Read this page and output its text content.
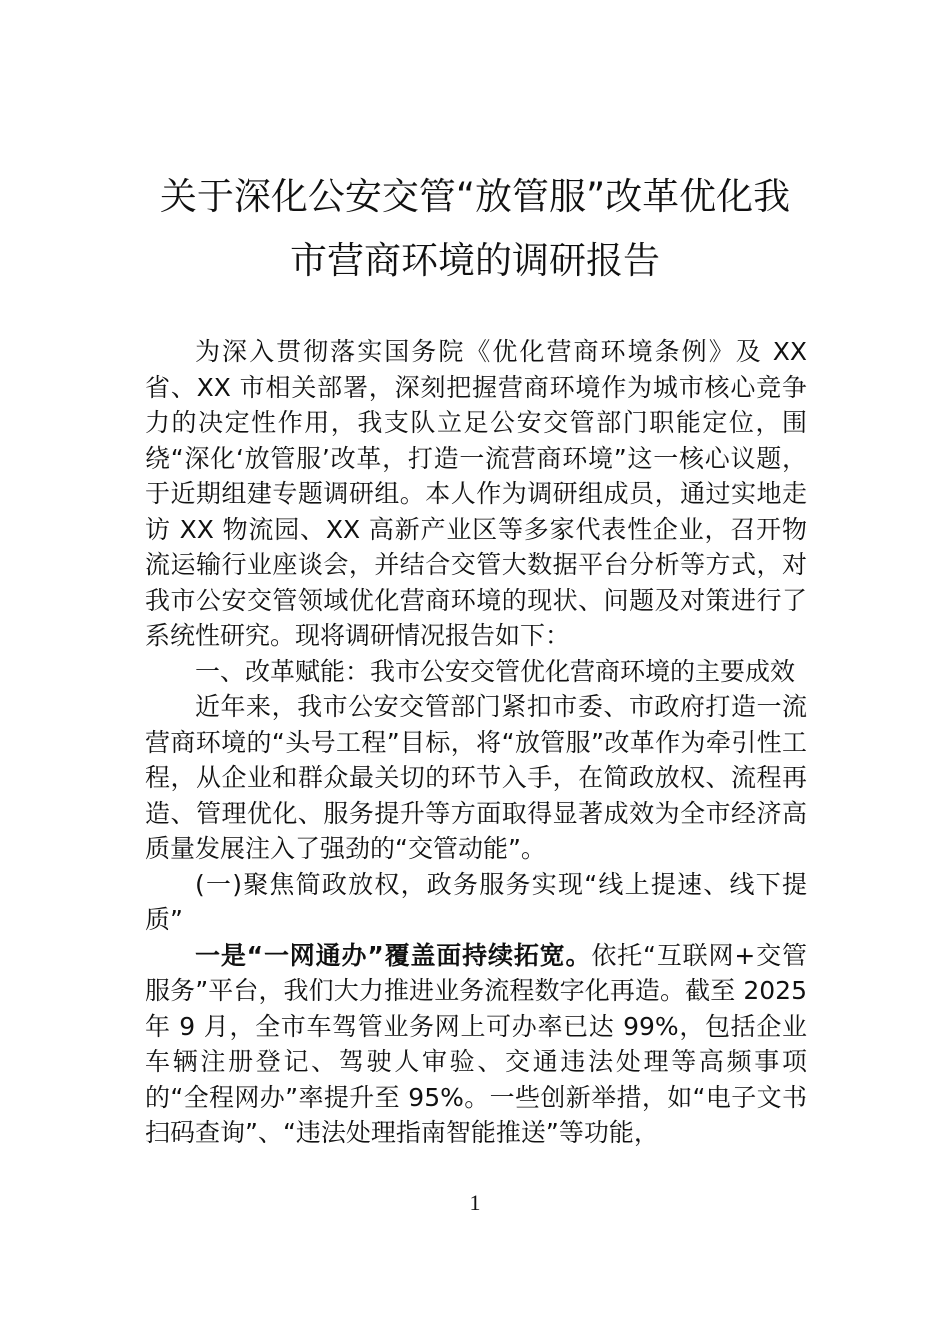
关于深化公安交管“放管服”改革优化我
市营商环境的调研报告

为深入贯彻落实国务院《优化营商环境条例》及 XX 省、XX 市相关部署，深刻把握营商环境作为城市核心竞争力的决定性作用，我支队立足公安交管部门职能定位，围绕“深化‘放管服’改革，打造一流营商环境”这一核心议题，于近期组建专题调研组。本人作为调研组成员，通过实地走访 XX 物流园、XX 高新产业区等多家代表性企业，召开物流运输行业座谈会，并结合交管大数据平台分析等方式，对我市公安交管领域优化营商环境的现状、问题及对策进行了系统性研究。现将调研情况报告如下：

一、改革赋能：我市公安交管优化营商环境的主要成效

近年来，我市公安交管部门紧扣市委、市政府打造一流营商环境的“头号工程”目标，将“放管服”改革作为牵引性工程，从企业和群众最关切的环节入手，在简政放权、流程再造、管理优化、服务提升等方面取得显著成效为全市经济高质量发展注入了强劲的“交管动能”。

(一)聚焦简政放权，政务服务实现“线上提速、线下提质”

一是“一网通办”覆盖面持续拓宽。依托“互联网+交管服务”平台，我们大力推进业务流程数字化再造。截至 2025 年 9 月，全市车驾管业务网上可办率已达 99%，包括企业车辆注册登记、驾驶人审验、交通违法处理等高频事项的“全程网办”率提升至 95%。一些创新举措，如“电子文书扫码查询”、“违法处理指南智能推送”等功能，

1
